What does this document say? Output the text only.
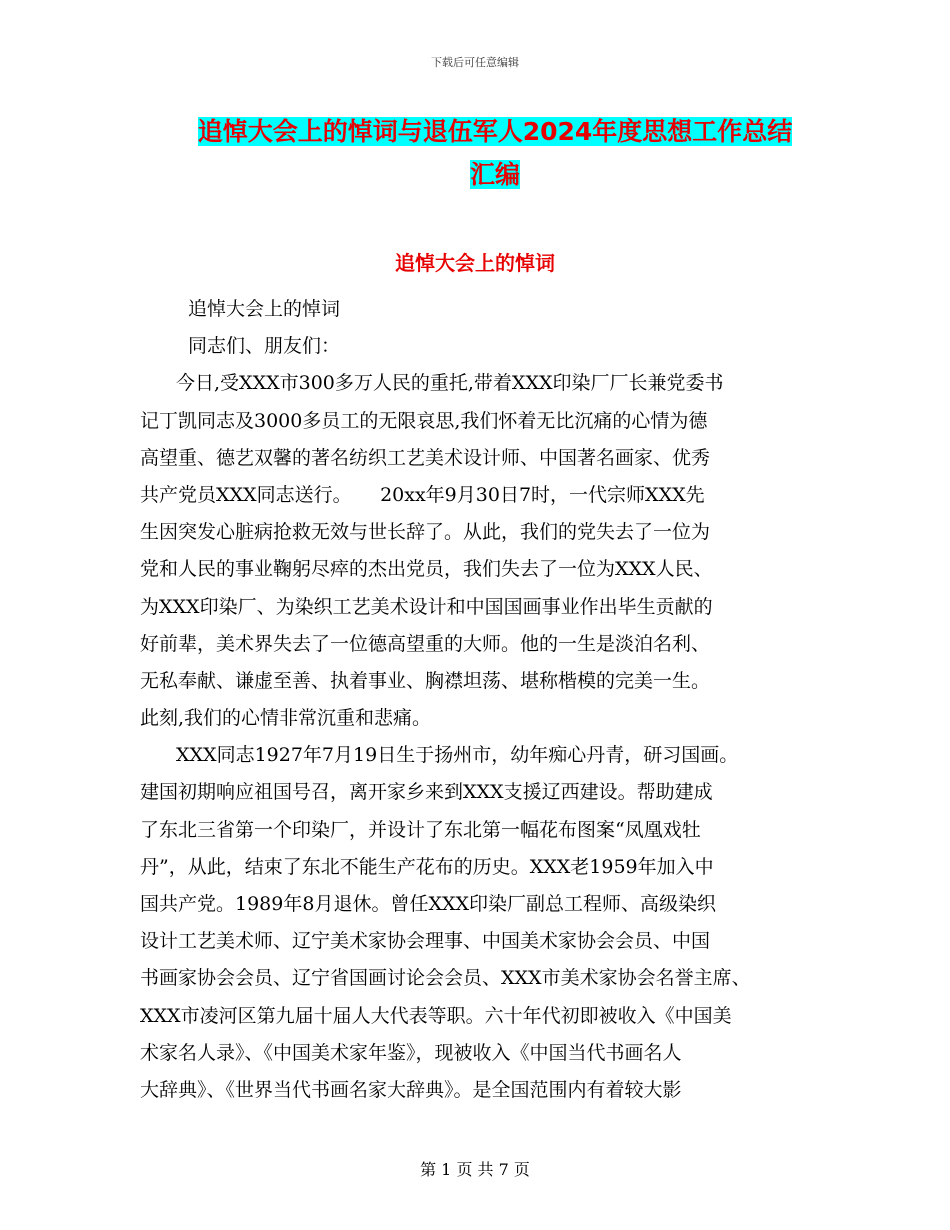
下载后可任意编辑
追悼大会上的悼词与退伍军人2024年度思想工作总结
汇编
追悼大会上的悼词
追悼大会上的悼词
同志们、朋友们：
今日,受XXX市300多万人民的重托,带着XXX印染厂厂长兼党委书
记丁凯同志及3000多员工的无限哀思,我们怀着无比沉痛的心情为德
高望重、德艺双馨的著名纺织工艺美术设计师、中国著名画家、优秀
共产党员XXX同志送行。　　20xx年9月30日7时，一代宗师XXX先
生因突发心脏病抢救无效与世长辞了。从此，我们的党失去了一位为
党和人民的事业鞠躬尽瘁的杰出党员，我们失去了一位为XXX人民、
为XXX印染厂、为染织工艺美术设计和中国国画事业作出毕生贡献的
好前辈，美术界失去了一位德高望重的大师。他的一生是淡泊名利、
无私奉献、谦虚至善、执着事业、胸襟坦荡、堪称楷模的完美一生。
此刻,我们的心情非常沉重和悲痛。
XXX同志1927年7月19日生于扬州市，幼年痴心丹青，研习国画。
建国初期响应祖国号召，离开家乡来到XXX支援辽西建设。帮助建成
了东北三省第一个印染厂，并设计了东北第一幅花布图案“凤凰戏牡
丹”，从此，结束了东北不能生产花布的历史。XXX老1959年加入中
国共产党。1989年8月退休。曾任XXX印染厂副总工程师、高级染织
设计工艺美术师、辽宁美术家协会理事、中国美术家协会会员、中国
书画家协会会员、辽宁省国画讨论会会员、XXX市美术家协会名誉主席、
XXX市凌河区第九届十届人大代表等职。六十年代初即被收入《中国美
术家名人录》、《中国美术家年鉴》，现被收入《中国当代书画名人
大辞典》、《世界当代书画名家大辞典》。是全国范围内有着较大影
第 1 页 共 7 页
